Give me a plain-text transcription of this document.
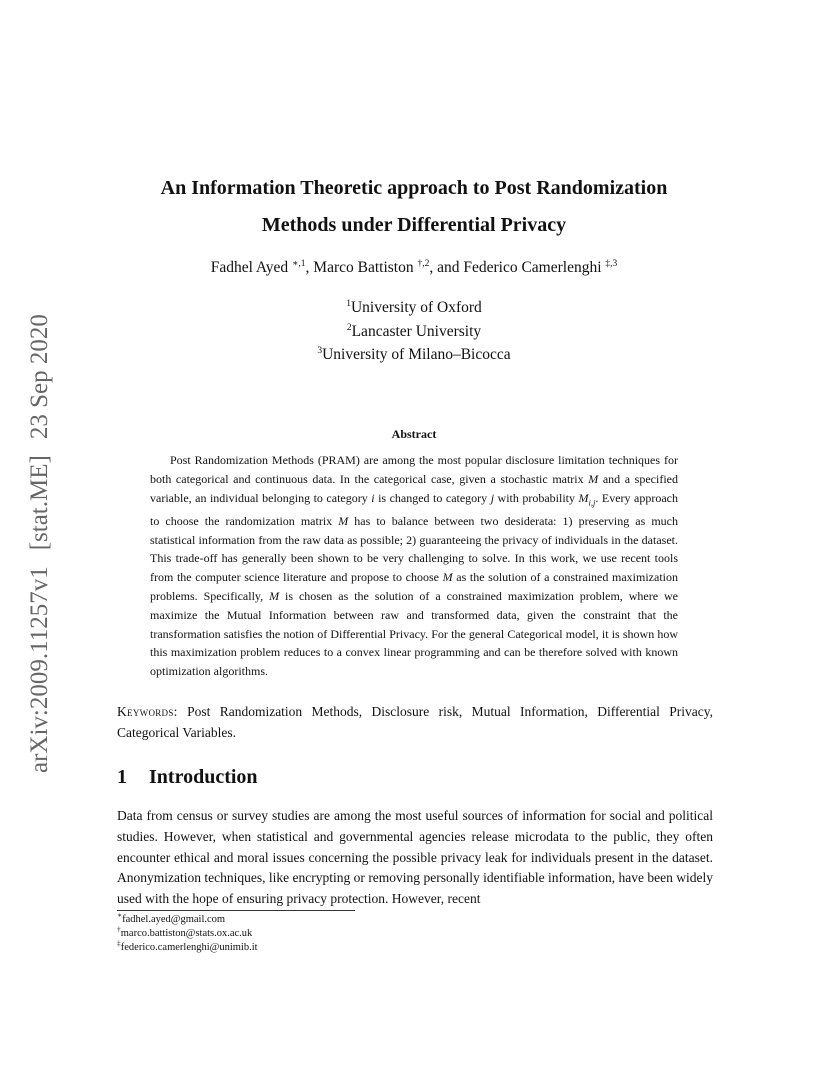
arXiv:2009.11257v1[stat.ME]23 Sep 2020
An Information Theoretic approach to Post Randomization
Methods under Differential Privacy
Fadhel Ayed $^{∗,1}$, Marco Battiston $^{\dagger,2}$, and Federico Camerlenghi $^{\ddagger,3}$
$^1$University of Oxford
$^2$Lancaster University
$^3$University of Milano–Bicocca
Abstract

Post Randomization Methods (PRAM) are among the most popular disclosure limitation techniques for both categorical and continuous data. In the categorical case, given a stochastic matrix M and a specified variable, an individual belonging to category i is changed to category j with probability $M_{i,j}$. Every approach to choose the randomization matrix M has to balance between two desiderata: 1) preserving as much statistical information from the raw data as possible; 2) guaranteeing the privacy of individuals in the dataset. This trade-off has generally been shown to be very challenging to solve. In this work, we use recent tools from the computer science literature and propose to choose M as the solution of a constrained maximization problems. Specifically, M is chosen as the solution of a constrained maximization problem, where we maximize the Mutual Information between raw and transformed data, given the constraint that the transformation satisfies the notion of Differential Privacy. For the general Categorical model, it is shown how this maximization problem reduces to a convex linear programming and can be therefore solved with known optimization algorithms.

Keywords: Post Randomization Methods, Disclosure risk, Mutual Information, Differential Privacy, Categorical Variables.
1 Introduction

Data from census or survey studies are among the most useful sources of information for social and political studies. However, when statistical and governmental agencies release microdata to the public, they often encounter ethical and moral issues concerning the possible privacy leak for individuals present in the dataset. Anonymization techniques, like encrypting or removing personally identifiable information, have been widely used with the hope of ensuring privacy protection. However, recent

∗fadhel.ayed@gmail.com
†marco.battiston@stats.ox.ac.uk
‡federico.camerlenghi@unimib.it
